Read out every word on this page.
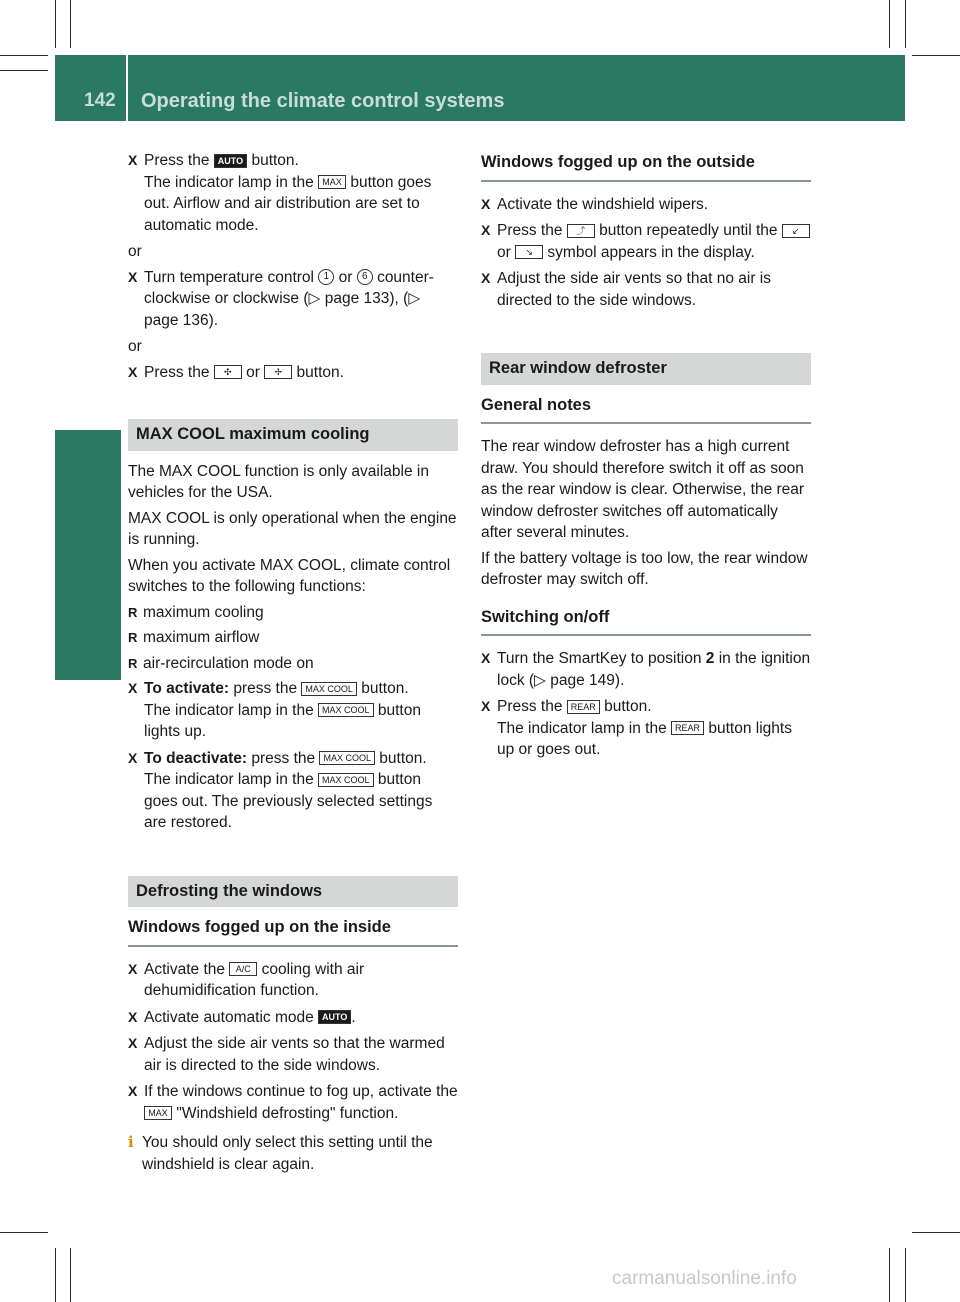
142 Operating the climate control systems
Climate control
X Press the AUTO button.
The indicator lamp in the MAX button goes out. Airflow and air distribution are set to automatic mode.
or
X Turn temperature control 1 or 6 counter-clockwise or clockwise (▷ page 133), (▷ page 136).
or
X Press the ✣ or ✢ button.
MAX COOL maximum cooling
The MAX COOL function is only available in vehicles for the USA.
MAX COOL is only operational when the engine is running.
When you activate MAX COOL, climate control switches to the following functions:
R maximum cooling
R maximum airflow
R air-recirculation mode on
X To activate: press the MAX COOL button.
The indicator lamp in the MAX COOL button lights up.
X To deactivate: press the MAX COOL button.
The indicator lamp in the MAX COOL button goes out. The previously selected settings are restored.
Defrosting the windows
Windows fogged up on the inside
X Activate the A/C cooling with air dehumidification function.
X Activate automatic mode AUTO .
X Adjust the side air vents so that the warmed air is directed to the side windows.
X If the windows continue to fog up, activate the MAX "Windshield defrosting" function.
i You should only select this setting until the windshield is clear again.
Windows fogged up on the outside
X Activate the windshield wipers.
X Press the ⤴ button repeatedly until the ↙ or ↘ symbol appears in the display.
X Adjust the side air vents so that no air is directed to the side windows.
Rear window defroster
General notes
The rear window defroster has a high current draw. You should therefore switch it off as soon as the rear window is clear. Otherwise, the rear window defroster switches off automatically after several minutes.
If the battery voltage is too low, the rear window defroster may switch off.
Switching on/off
X Turn the SmartKey to position 2 in the ignition lock (▷ page 149).
X Press the REAR button.
The indicator lamp in the REAR button lights up or goes out.
carmanualsonline.info
